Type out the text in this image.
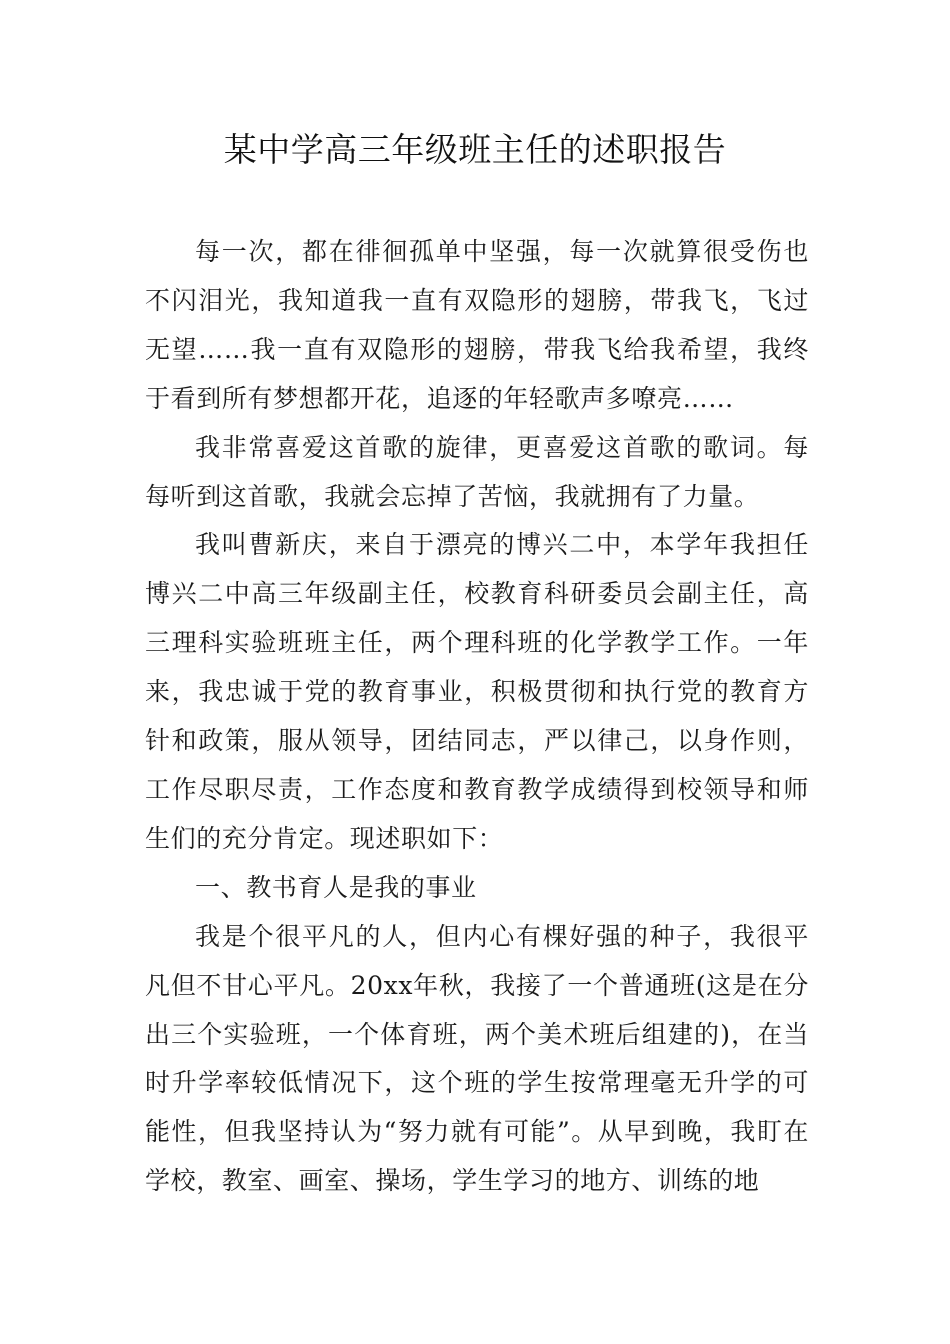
某中学高三年级班主任的述职报告

每一次，都在徘徊孤单中坚强，每一次就算很受伤也不闪泪光，我知道我一直有双隐形的翅膀，带我飞，飞过无望……我一直有双隐形的翅膀，带我飞给我希望，我终于看到所有梦想都开花，追逐的年轻歌声多嘹亮……

我非常喜爱这首歌的旋律，更喜爱这首歌的歌词。每每听到这首歌，我就会忘掉了苦恼，我就拥有了力量。

我叫曹新庆，来自于漂亮的博兴二中，本学年我担任博兴二中高三年级副主任，校教育科研委员会副主任，高三理科实验班班主任，两个理科班的化学教学工作。一年来，我忠诚于党的教育事业，积极贯彻和执行党的教育方针和政策，服从领导，团结同志，严以律己，以身作则，工作尽职尽责，工作态度和教育教学成绩得到校领导和师生们的充分肯定。现述职如下：

一、教书育人是我的事业

我是个很平凡的人，但内心有棵好强的种子，我很平凡但不甘心平凡。20xx年秋，我接了一个普通班(这是在分出三个实验班，一个体育班，两个美术班后组建的)，在当时升学率较低情况下，这个班的学生按常理毫无升学的可能性，但我坚持认为“努力就有可能”。从早到晚，我盯在学校，教室、画室、操场，学生学习的地方、训练的地
